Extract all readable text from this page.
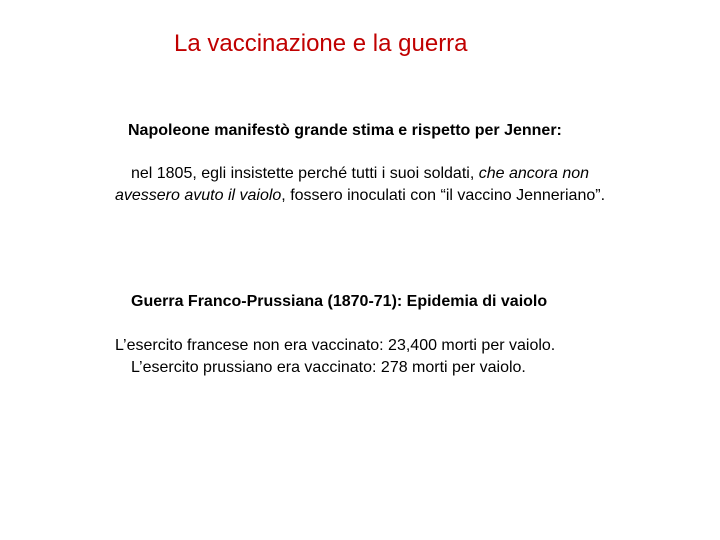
La vaccinazione e la guerra
Napoleone manifestò grande stima e rispetto per Jenner:
nel 1805, egli insistette perché tutti i suoi soldati, che ancora non
avessero avuto il vaiolo, fossero inoculati con “il vaccino Jenneriano”.
Guerra Franco-Prussiana (1870-71): Epidemia di vaiolo
L’esercito francese non era vaccinato: 23,400 morti per vaiolo.
L’esercito prussiano era vaccinato: 278 morti per vaiolo.
